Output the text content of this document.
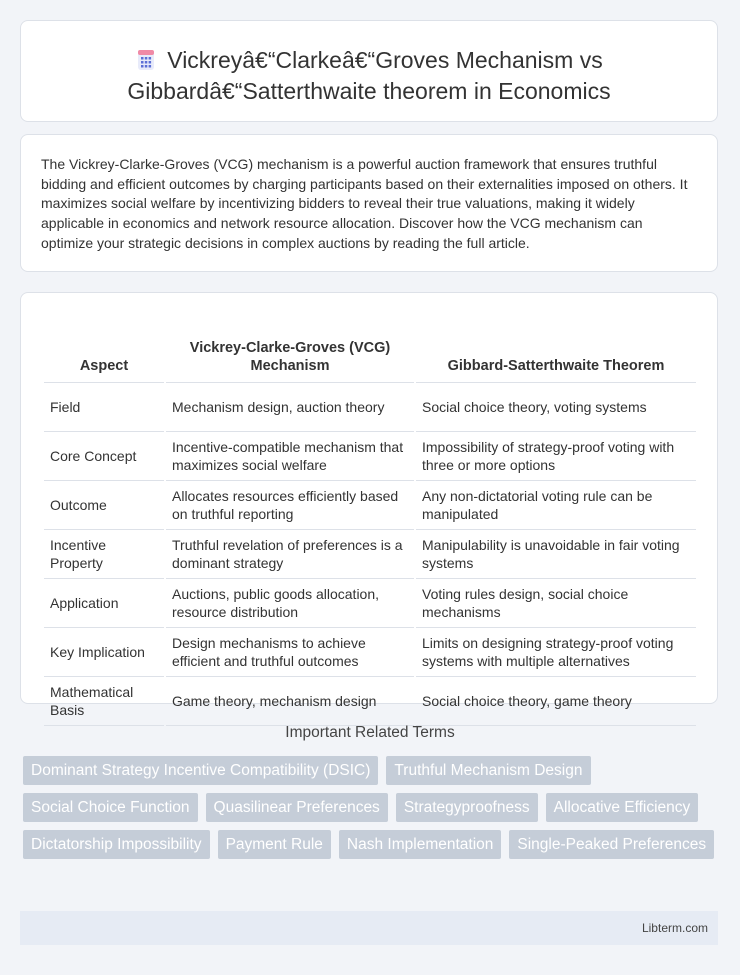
Vickreyâ€“Clarkeâ€“Groves Mechanism vs
Gibbardâ€“Satterthwaite theorem in Economics

The Vickrey-Clarke-Groves (VCG) mechanism is a powerful auction framework that ensures truthful bidding and efficient outcomes by charging participants based on their externalities imposed on others. It maximizes social welfare by incentivizing bidders to reveal their true valuations, making it widely applicable in economics and network resource allocation. Discover how the VCG mechanism can optimize your strategic decisions in complex auctions by reading the full article.

Aspect	Vickrey-Clarke-Groves (VCG) Mechanism	Gibbard-Satterthwaite Theorem
Field	Mechanism design, auction theory	Social choice theory, voting systems
Core Concept	Incentive-compatible mechanism that maximizes social welfare	Impossibility of strategy-proof voting with three or more options
Outcome	Allocates resources efficiently based on truthful reporting	Any non-dictatorial voting rule can be manipulated
Incentive Property	Truthful revelation of preferences is a dominant strategy	Manipulability is unavoidable in fair voting systems
Application	Auctions, public goods allocation, resource distribution	Voting rules design, social choice mechanisms
Key Implication	Design mechanisms to achieve efficient and truthful outcomes	Limits on designing strategy-proof voting systems with multiple alternatives
Mathematical Basis	Game theory, mechanism design	Social choice theory, game theory
Important Related Terms
Dominant Strategy Incentive Compatibility (DSIC)	Truthful Mechanism Design
Social Choice Function	Quasilinear Preferences	Strategyproofness	Allocative Efficiency
Dictatorship Impossibility	Payment Rule	Nash Implementation	Single-Peaked Preferences
Libterm.com
